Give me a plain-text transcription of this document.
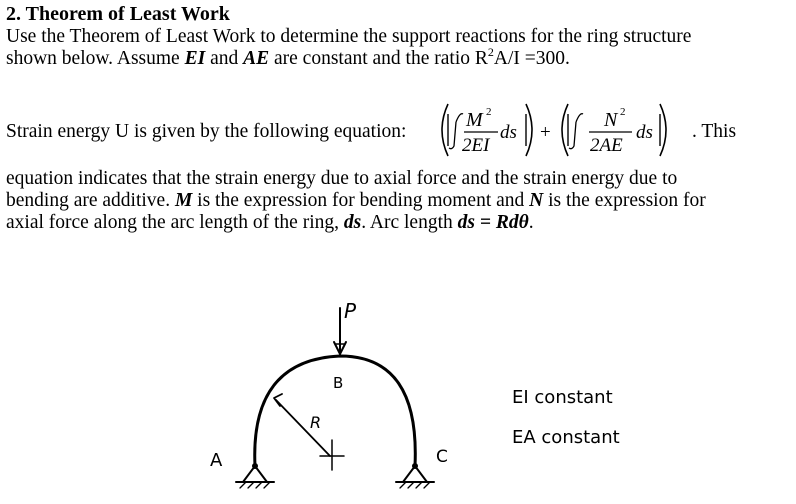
2. Theorem of Least Work
Use the Theorem of Least Work to determine the support reactions for the ring structure
shown below. Assume EI and AE are constant and the ratio $R^2A/I =300$.
Strain energy U is given by the following equation:
M 2
2EI
ds +
N 2
2AE
ds . This
equation indicates that the strain energy due to axial force and the strain energy due to
bending are additive. M is the expression for bending moment and N is the expression for
axial force along the arc length of the ring, ds. Arc length ds = Rdθ.
P
B
R
A	C
EI constant
EA constant
